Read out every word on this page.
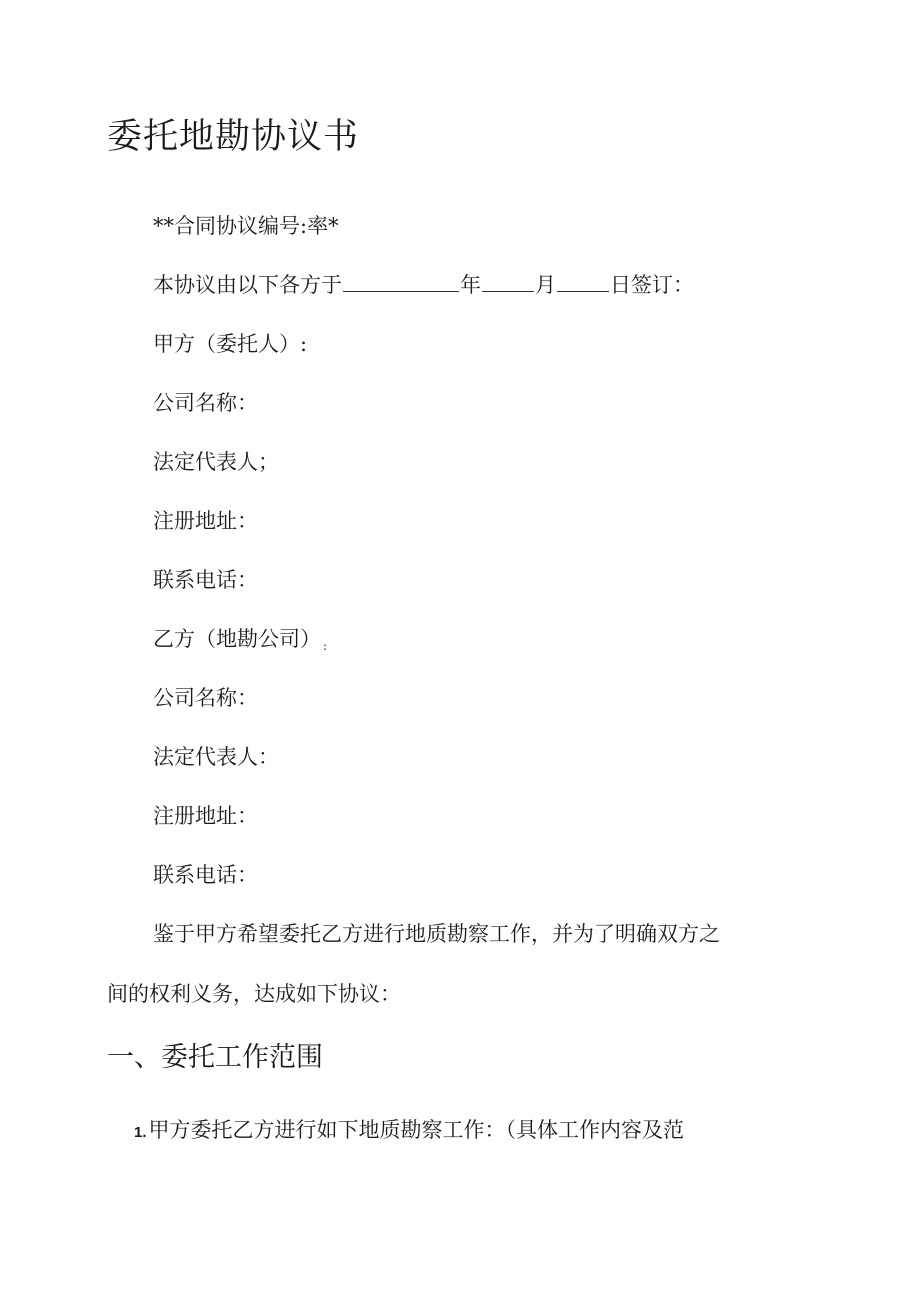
委托地勘协议书

**合同协议编号:率*

本协议由以下各方于	年	月	日签订：

甲方（委托人）:

公司名称：

法定代表人；

注册地址：

联系电话：

乙方（地勘公司） :

公司名称：

法定代表人：

注册地址：

联系电话：

鉴于甲方希望委托乙方进行地质勘察工作，并为了明确双方之

间的权利义务，达成如下协议：

一、委托工作范围

1.甲方委托乙方进行如下地质勘察工作：（具体工作内容及范
